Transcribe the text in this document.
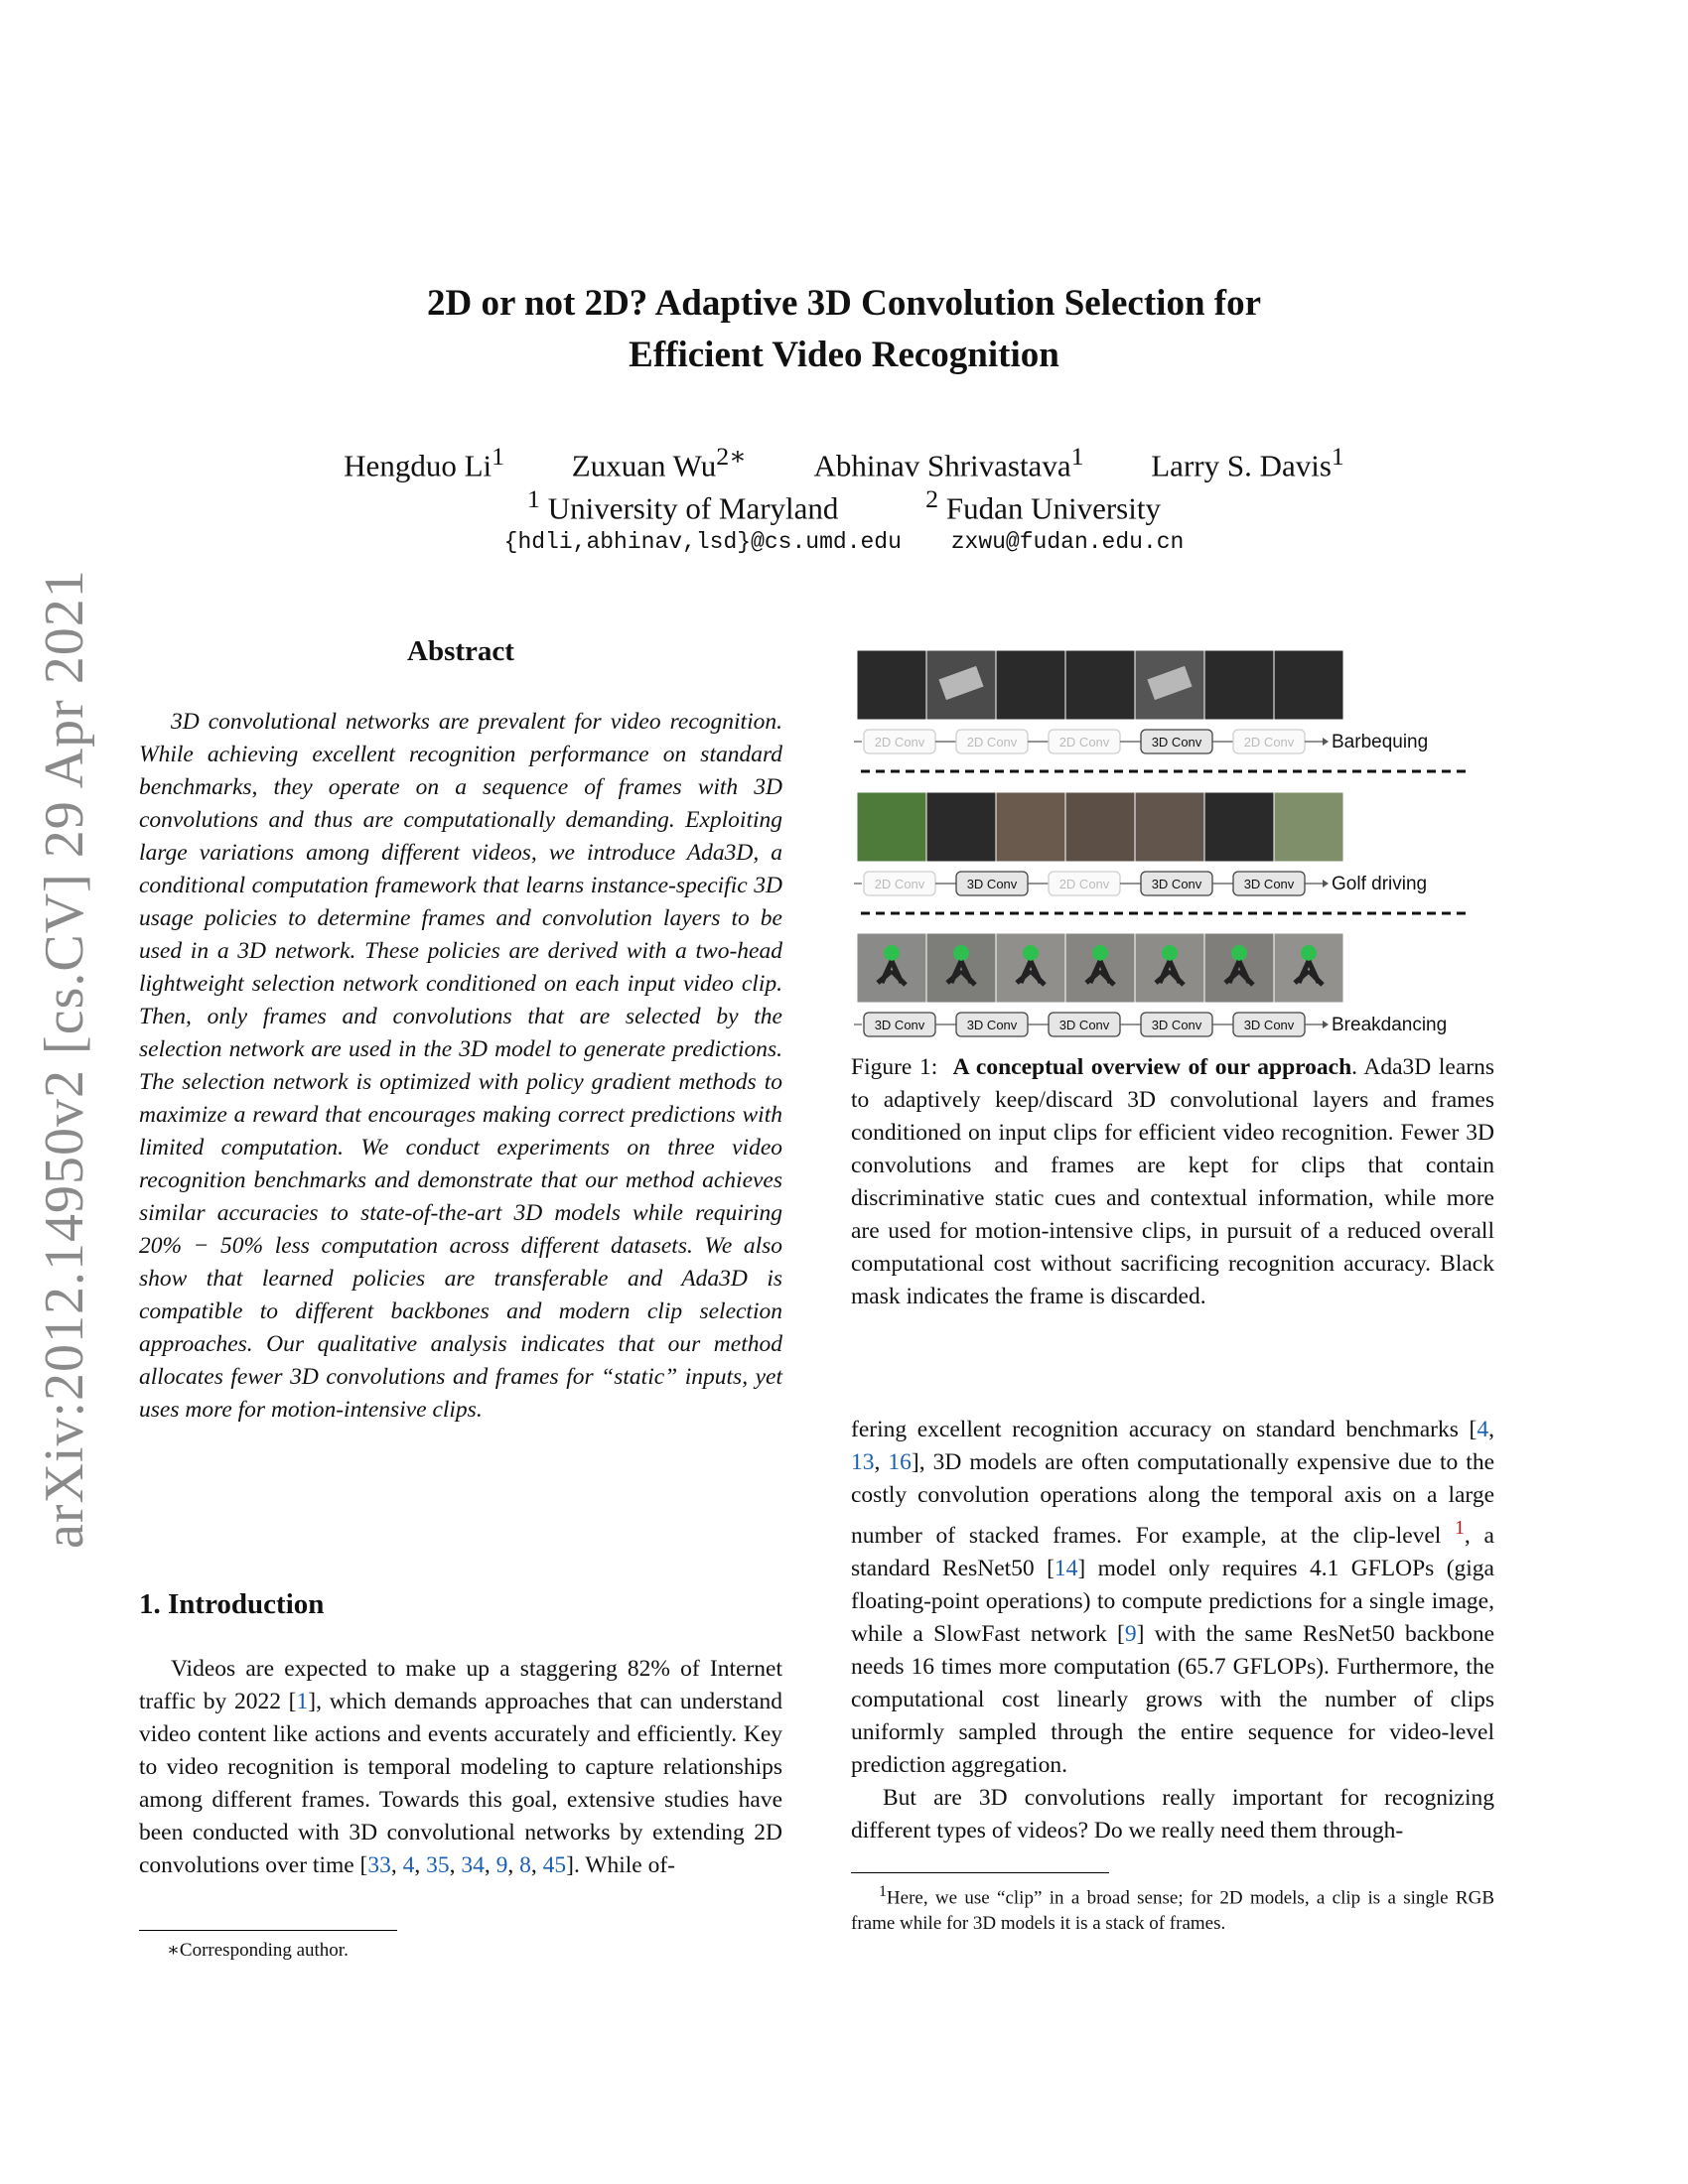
arXiv:2012.14950v2 [cs.CV] 29 Apr 2021
2D or not 2D? Adaptive 3D Convolution Selection for
Efficient Video Recognition
Hengduo Li$^1$ Zuxuan $Wu^{2∗}$ Abhinav Shrivastava$^1$ Larry S. Davis$^1$
$^1$ University of Maryland	$^2$ Fudan University
{hdli,abhinav,lsd}@cs.umd.edu zxwu@fudan.edu.cn
Abstract
3D convolutional networks are prevalent for video recognition. While achieving excellent recognition performance on standard benchmarks, they operate on a sequence of frames with 3D convolutions and thus are computationally demanding. Exploiting large variations among different videos, we introduce Ada3D, a conditional computation framework that learns instance-specific 3D usage policies to determine frames and convolution layers to be used in a 3D network. These policies are derived with a two-head lightweight selection network conditioned on each input video clip. Then, only frames and convolutions that are selected by the selection network are used in the 3D model to generate predictions. The selection network is optimized with policy gradient methods to maximize a reward that encourages making correct predictions with limited computation. We conduct experiments on three video recognition benchmarks and demonstrate that our method achieves similar accuracies to state-of-the-art 3D models while requiring 20% − 50% less computation across different datasets. We also show that learned policies are transferable and Ada3D is compatible to different backbones and modern clip selection approaches. Our qualitative analysis indicates that our method allocates fewer 3D convolutions and frames for “static” inputs, yet uses more for motion-intensive clips.
1. Introduction
Videos are expected to make up a staggering 82% of Internet traffic by 2022 [1], which demands approaches that can understand video content like actions and events accurately and efficiently. Key to video recognition is temporal modeling to capture relationships among different frames. Towards this goal, extensive studies have been conducted with 3D convolutional networks by extending 2D convolutions over time [33, 4, 35, 34, 9, 8, 45]. While of-
∗Corresponding author.
2D Conv	2D Conv	2D Conv	3D Conv	2D Conv Barbequing
2D Conv	3D Conv	2D Conv	3D Conv	3D Conv Golf driving
3D Conv	3D Conv	3D Conv	3D Conv	3D Conv Breakdancing
Figure 1: A conceptual overview of our approach. Ada3D learns to adaptively keep/discard 3D convolutional layers and frames conditioned on input clips for efficient video recognition. Fewer 3D convolutions and frames are kept for clips that contain discriminative static cues and contextual information, while more are used for motion-intensive clips, in pursuit of a reduced overall computational cost without sacrificing recognition accuracy. Black mask indicates the frame is discarded.

fering excellent recognition accuracy on standard benchmarks [4, 13, 16], 3D models are often computationally expensive due to the costly convolution operations along the temporal axis on a large number of stacked frames. For example, at the clip-level $^1$, a standard ResNet50 [14] model only requires 4.1 GFLOPs (giga floating-point operations) to compute predictions for a single image, while a SlowFast network [9] with the same ResNet50 backbone needs 16 times more computation (65.7 GFLOPs). Furthermore, the computational cost linearly grows with the number of clips uniformly sampled through the entire sequence for video-level prediction aggregation.

But are 3D convolutions really important for recognizing different types of videos? Do we really need them through-

$^1$Here, we use “clip” in a broad sense; for 2D models, a clip is a single RGB frame while for 3D models it is a stack of frames.
